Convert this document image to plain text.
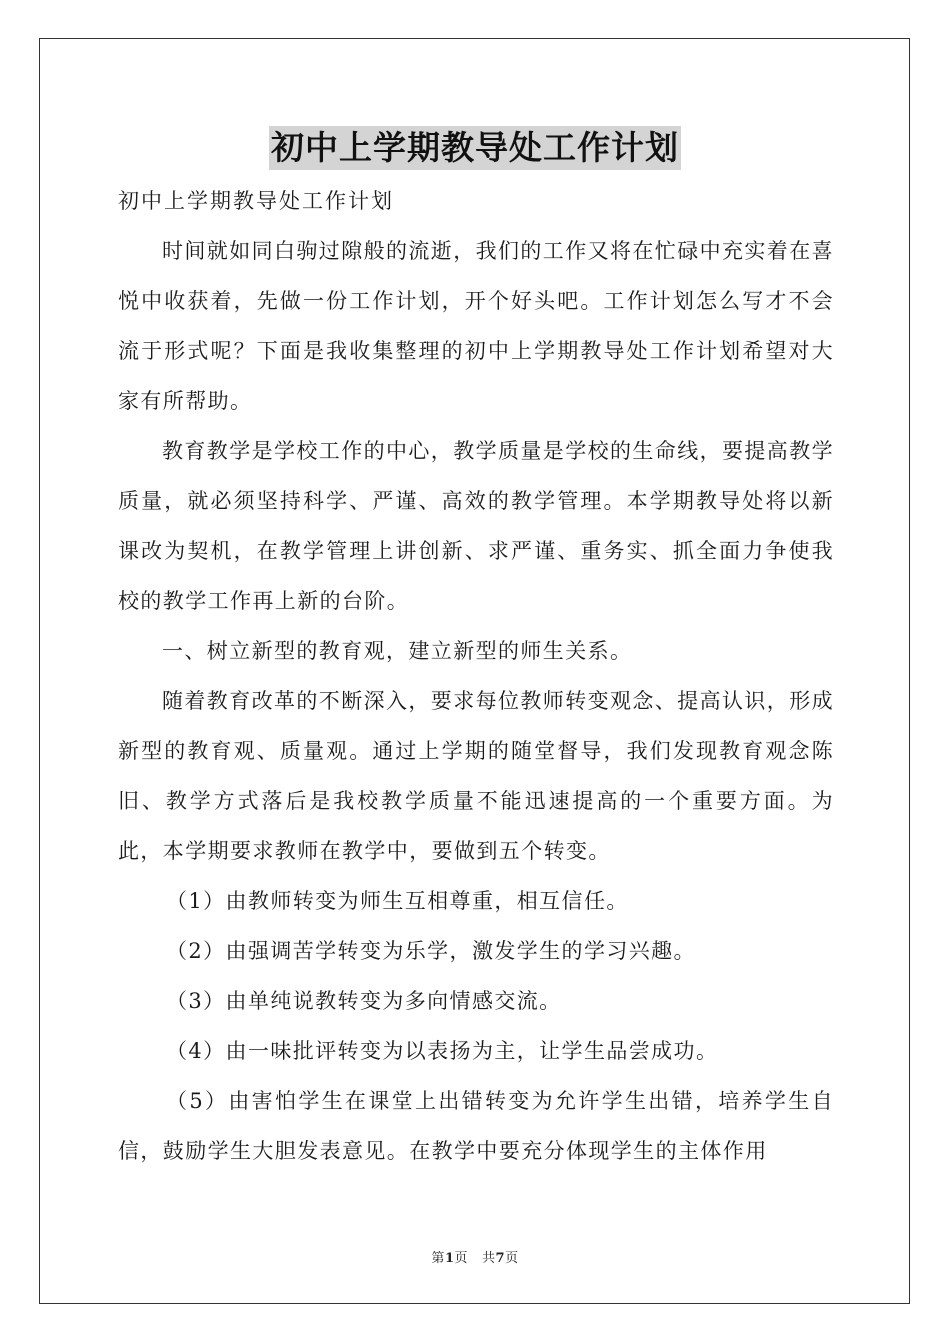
初中上学期教导处工作计划

初中上学期教导处工作计划

时间就如同白驹过隙般的流逝，我们的工作又将在忙碌中充实着在喜悦中收获着，先做一份工作计划，开个好头吧。工作计划怎么写才不会流于形式呢？下面是我收集整理的初中上学期教导处工作计划希望对大家有所帮助。

教育教学是学校工作的中心，教学质量是学校的生命线，要提高教学质量，就必须坚持科学、严谨、高效的教学管理。本学期教导处将以新课改为契机，在教学管理上讲创新、求严谨、重务实、抓全面力争使我校的教学工作再上新的台阶。

一、树立新型的教育观，建立新型的师生关系。

随着教育改革的不断深入，要求每位教师转变观念、提高认识，形成新型的教育观、质量观。通过上学期的随堂督导，我们发现教育观念陈旧、教学方式落后是我校教学质量不能迅速提高的一个重要方面。为此，本学期要求教师在教学中，要做到五个转变。

（1）由教师转变为师生互相尊重，相互信任。

（2）由强调苦学转变为乐学，激发学生的学习兴趣。

（3）由单纯说教转变为多向情感交流。

（4）由一味批评转变为以表扬为主，让学生品尝成功。

（5）由害怕学生在课堂上出错转变为允许学生出错，培养学生自信，鼓励学生大胆发表意见。在教学中要充分体现学生的主体作用

第1页 共7页
